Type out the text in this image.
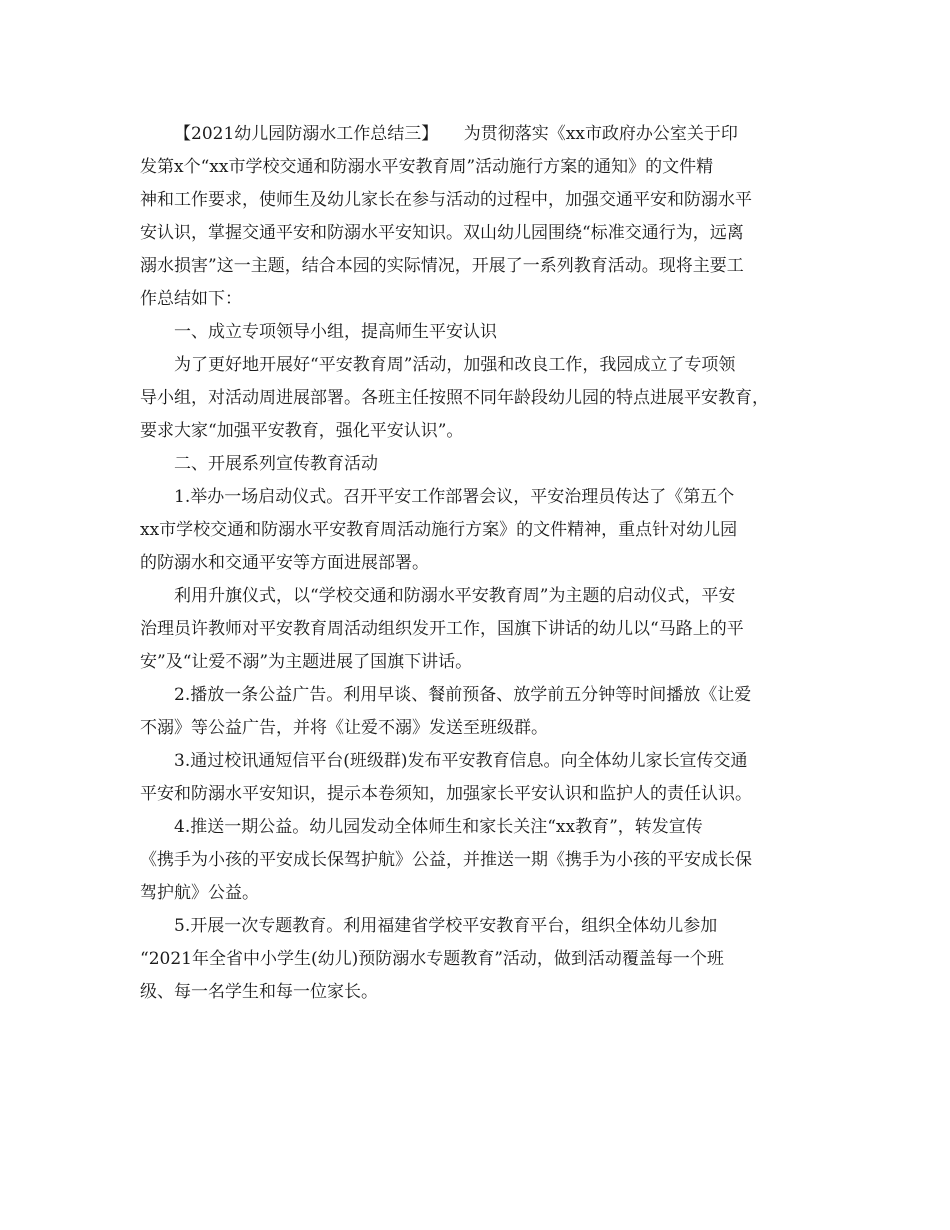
【2021幼儿园防溺水工作总结三】　　为贯彻落实《xx市政府办公室关于印
发第x个“xx市学校交通和防溺水平安教育周”活动施行方案的通知》的文件精
神和工作要求，使师生及幼儿家长在参与活动的过程中，加强交通平安和防溺水平
安认识，掌握交通平安和防溺水平安知识。双山幼儿园围绕“标准交通行为，远离
溺水损害”这一主题，结合本园的实际情况，开展了一系列教育活动。现将主要工
作总结如下：
一、成立专项领导小组，提高师生平安认识
为了更好地开展好“平安教育周”活动，加强和改良工作，我园成立了专项领
导小组，对活动周进展部署。各班主任按照不同年龄段幼儿园的特点进展平安教育，
要求大家“加强平安教育，强化平安认识”。
二、开展系列宣传教育活动
1.举办一场启动仪式。召开平安工作部署会议，平安治理员传达了《第五个
xx市学校交通和防溺水平安教育周活动施行方案》的文件精神，重点针对幼儿园
的防溺水和交通平安等方面进展部署。
利用升旗仪式，以“学校交通和防溺水平安教育周”为主题的启动仪式，平安
治理员许教师对平安教育周活动组织发开工作，国旗下讲话的幼儿以“马路上的平
安”及“让爱不溺”为主题进展了国旗下讲话。
2.播放一条公益广告。利用早谈、餐前预备、放学前五分钟等时间播放《让爱
不溺》等公益广告，并将《让爱不溺》发送至班级群。
3.通过校讯通短信平台(班级群)发布平安教育信息。向全体幼儿家长宣传交通
平安和防溺水平安知识，提示本卷须知，加强家长平安认识和监护人的责任认识。
4.推送一期公益。幼儿园发动全体师生和家长关注“xx教育”，转发宣传
《携手为小孩的平安成长保驾护航》公益，并推送一期《携手为小孩的平安成长保
驾护航》公益。
5.开展一次专题教育。利用福建省学校平安教育平台，组织全体幼儿参加
“2021年全省中小学生(幼儿)预防溺水专题教育”活动，做到活动覆盖每一个班
级、每一名学生和每一位家长。
